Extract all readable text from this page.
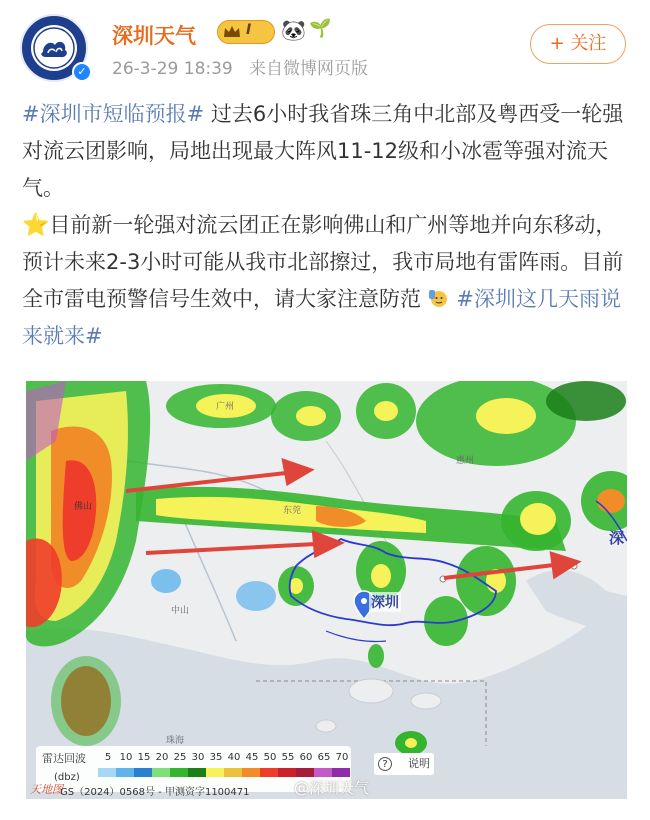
✓
深圳天气	I 🐼 🌱
26-3-29 18:39 来自微博网页版
+ 关注

#深圳市短临预报# 过去6小时我省珠三角中北部及粤西受一轮强对流云团影响，局地出现最大阵风11-12级和小冰雹等强对流天气。

⭐目前新一轮强对流云团正在影响佛山和广州等地并向东移动，预计未来2-3小时可能从我市北部擦过，我市局地有雷阵雨。目前全市雷电预警信号生效中，请大家注意防范 #深圳这几天雨说来就来#

广州
佛山	东莞
惠州
中山
珠海
深圳
深
雷达回波
(dbz)
5 10 15 20 25 30 35 40 45 50 55 60 65 70
?	说明
天地图
GS（2024）0568号 - 甲测资字1100471	@深圳天气
